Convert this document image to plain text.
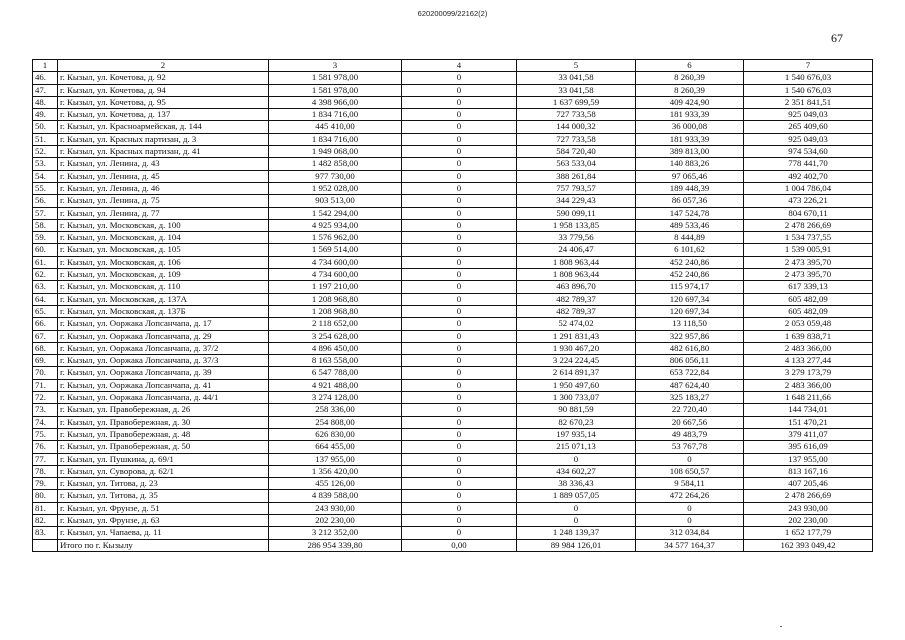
620200099/22162(2)
67
1	2	3	4	5	6	7
46.	г. Кызыл, ул. Кочетова, д. 92	1 581 978,00	0	33 041,58	8 260,39	1 540 676,03
47.	г. Кызыл, ул. Кочетова, д. 94	1 581 978,00	0	33 041,58	8 260,39	1 540 676,03
48.	г. Кызыл, ул. Кочетова, д. 95	4 398 966,00	0	1 637 699,59	409 424,90	2 351 841,51
49.	г. Кызыл, ул. Кочетова, д. 137	1 834 716,00	0	727 733,58	181 933,39	925 049,03
50.	г. Кызыл, ул. Красноармейская, д. 144	445 410,00	0	144 000,32	36 000,08	265 409,60
51.	г. Кызыл, ул. Красных партизан, д. 3	1 834 716,00	0	727 733,58	181 933,39	925 049,03
52.	г. Кызыл, ул. Красных партизан, д. 41	1 949 068,00	0	584 720,40	389 813,00	974 534,60
53.	г. Кызыл, ул. Ленина, д. 43	1 482 858,00	0	563 533,04	140 883,26	778 441,70
54.	г. Кызыл, ул. Ленина, д. 45	977 730,00	0	388 261,84	97 065,46	492 402,70
55.	г. Кызыл, ул. Ленина, д. 46	1 952 028,00	0	757 793,57	189 448,39	1 004 786,04
56.	г. Кызыл, ул. Ленина, д. 75	903 513,00	0	344 229,43	86 057,36	473 226,21
57.	г. Кызыл, ул. Ленина, д. 77	1 542 294,00	0	590 099,11	147 524,78	804 670,11
58.	г. Кызыл, ул. Московская, д. 100	4 925 934,00	0	1 958 133,85	489 533,46	2 478 266,69
59.	г. Кызыл, ул. Московская, д. 104	1 576 962,00	0	33 779,56	8 444,89	1 534 737,55
60.	г. Кызыл, ул. Московская, д. 105	1 569 514,00	0	24 406,47	6 101,62	1 539 005,91
61.	г. Кызыл, ул. Московская, д. 106	4 734 600,00	0	1 808 963,44	452 240,86	2 473 395,70
62.	г. Кызыл, ул. Московская, д. 109	4 734 600,00	0	1 808 963,44	452 240,86	2 473 395,70
63.	г. Кызыл, ул. Московская, д. 110	1 197 210,00	0	463 896,70	115 974,17	617 339,13
64.	г. Кызыл, ул. Московская, д. 137А	1 208 968,80	0	482 789,37	120 697,34	605 482,09
65.	г. Кызыл, ул. Московская, д. 137Б	1 208 968,80	0	482 789,37	120 697,34	605 482,09
66.	г. Кызыл, ул. Ооржака Лопсанчапа, д. 17	2 118 652,00	0	52 474,02	13 118,50	2 053 059,48
67.	г. Кызыл, ул. Ооржака Лопсанчапа, д. 29	3 254 628,00	0	1 291 831,43	322 957,86	1 639 838,71
68.	г. Кызыл, ул. Ооржака Лопсанчапа, д. 37/2	4 896 450,00	0	1 930 467,20	482 616,80	2 483 366,00
69.	г. Кызыл, ул. Ооржака Лопсанчапа, д. 37/3	8 163 558,00	0	3 224 224,45	806 056,11	4 133 277,44
70.	г. Кызыл, ул. Ооржака Лопсанчапа, д. 39	6 547 788,00	0	2 614 891,37	653 722,84	3 279 173,79
71.	г. Кызыл, ул. Ооржака Лопсанчапа, д. 41	4 921 488,00	0	1 950 497,60	487 624,40	2 483 366,00
72.	г. Кызыл, ул. Ооржака Лопсанчапа, д. 44/1	3 274 128,00	0	1 300 733,07	325 183,27	1 648 211,66
73.	г. Кызыл, ул. Правобережная, д. 26	258 336,00	0	90 881,59	22 720,40	144 734,01
74.	г. Кызыл, ул. Правобережная, д. 30	254 808,00	0	82 670,23	20 667,56	151 470,21
75.	г. Кызыл, ул. Правобережная, д. 48	626 830,00	0	197 935,14	49 483,79	379 411,07
76.	г. Кызыл, ул. Правобережная, д. 50	664 455,00	0	215 071,13	53 767,78	395 616,09
77.	г. Кызыл, ул. Пушкина, д. 69/1	137 955,00	0	0	0	137 955,00
78.	г. Кызыл, ул. Суворова, д. 62/1	1 356 420,00	0	434 602,27	108 650,57	813 167,16
79.	г. Кызыл, ул. Титова, д. 23	455 126,00	0	38 336,43	9 584,11	407 205,46
80.	г. Кызыл, ул. Титова, д. 35	4 839 588,00	0	1 889 057,05	472 264,26	2 478 266,69
81.	г. Кызыл, ул. Фрунзе, д. 51	243 930,00	0	0	0	243 930,00
82.	г. Кызыл, ул. Фрунзе, д. 63	202 230,00	0	0	0	202 230,00
83.	г. Кызыл, ул. Чапаева, д. 11	3 212 352,00	0	1 248 139,37	312 034,84	1 652 177,79
	Итого по г. Кызылу	286 954 339,80	0,00	89 984 126,01	34 577 164,37	162 393 049,42
